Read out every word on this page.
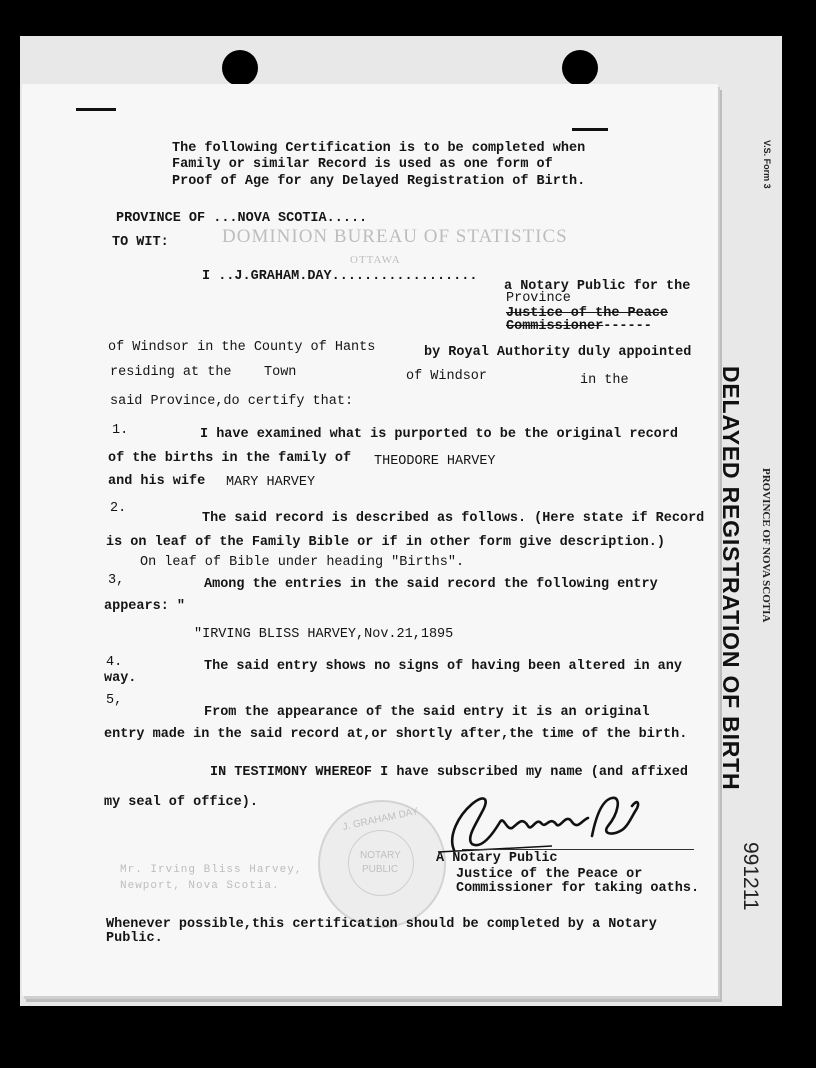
DOMINION BUREAU OF STATISTICS
OTTAWA
Mr. Irving Bliss Harvey,
Newport, Nova Scotia.
The following Certification is to be completed when
Family or similar Record is used as one form of
Proof of Age for any Delayed Registration of Birth.
PROVINCE OF ...NOVA SCOTIA.....
TO WIT:
I ..J.GRAHAM.DAY..................
a Notary Public for the
Province
Justice of the Peace
Commissioner------
of Windsor in the County of Hants	by Royal Authority duly appointed
residing at the Town	of Windsor	in the
said Province,do certify that:
1.	I have examined what is purported to be the original record
of the births in the family of THEODORE HARVEY
and his wife MARY HARVEY
2.
The said record is described as follows. (Here state if Record
is on leaf of the Family Bible or if in other form give description.)
On leaf of Bible under heading "Births".
3,	Among the entries in the said record the following entry
appears: "
"IRVING BLISS HARVEY,Nov.21,1895
4.	The said entry shows no signs of having been altered in any
way.
5,
From the appearance of the said entry it is an original
entry made in the said record at,or shortly after,the time of the birth.
IN TESTIMONY WHEREOF I have subscribed my name (and affixed
my seal of office).
J. GRAHAM DAY
NOTARY
PUBLIC
A Notary Public
Justice of the Peace or
Commissioner for taking oaths.
Whenever possible,this certification should be completed by a Notary
Public.
V.S. Form 3
PROVINCE OF NOVA SCOTIA
DELAYED REGISTRATION OF BIRTH
991211
